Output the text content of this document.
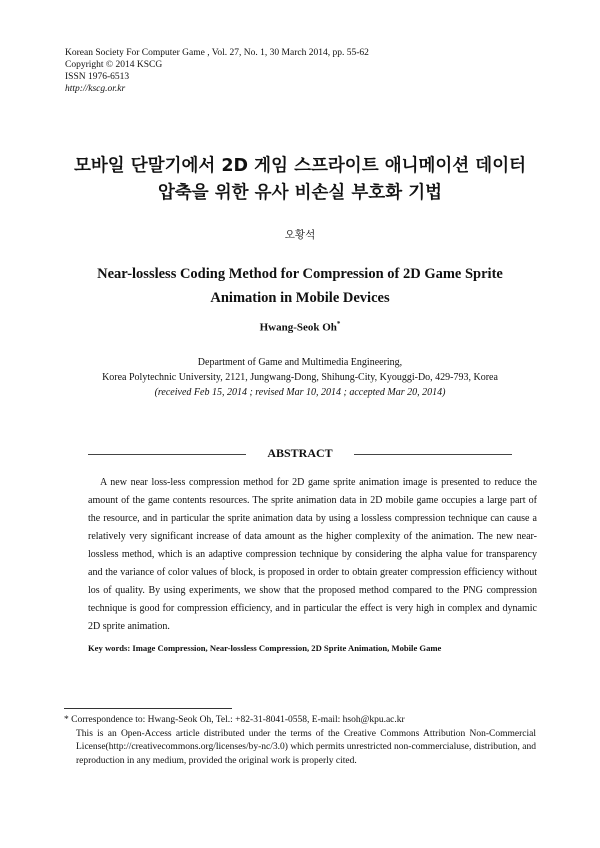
Korean Society For Computer Game , Vol. 27, No. 1, 30 March 2014, pp. 55-62
Copyright © 2014 KSCG
ISSN 1976-6513
http://kscg.or.kr
모바일 단말기에서 2D 게임 스프라이트 애니메이션 데이터
압축을 위한 유사 비손실 부호화 기법
오황석
Near-lossless Coding Method for Compression of 2D Game Sprite
Animation in Mobile Devices
Hwang-Seok Oh*
Department of Game and Multimedia Engineering,
Korea Polytechnic University, 2121, Jungwang-Dong, Shihung-City, Kyouggi-Do, 429-793, Korea
(received Feb 15, 2014 ; revised Mar 10, 2014 ; accepted Mar 20, 2014)
ABSTRACT

A new near loss-less compression method for 2D game sprite animation image is presented to reduce the amount of the game contents resources. The sprite animation data in 2D mobile game occupies a large part of the resource, and in particular the sprite animation data by using a lossless compression technique can cause a relatively very significant increase of data amount as the higher complexity of the animation. The new near-lossless method, which is an adaptive compression technique by considering the alpha value for transparency and the variance of color values of block, is proposed in order to obtain greater compression efficiency without los of quality. By using experiments, we show that the proposed method compared to the PNG compression technique is good for compression efficiency, and in particular the effect is very high in complex and dynamic 2D sprite animation.

Key words: Image Compression, Near-lossless Compression, 2D Sprite Animation, Mobile Game
* Correspondence to: Hwang-Seok Oh, Tel.: +82-31-8041-0558, E-mail: hsoh@kpu.ac.kr

This is an Open-Access article distributed under the terms of the Creative Commons Attribution Non-Commercial License(http://creativecommons.org/licenses/by-nc/3.0) which permits unrestricted non-commercialuse, distribution, and reproduction in any medium, provided the original work is properly cited.
